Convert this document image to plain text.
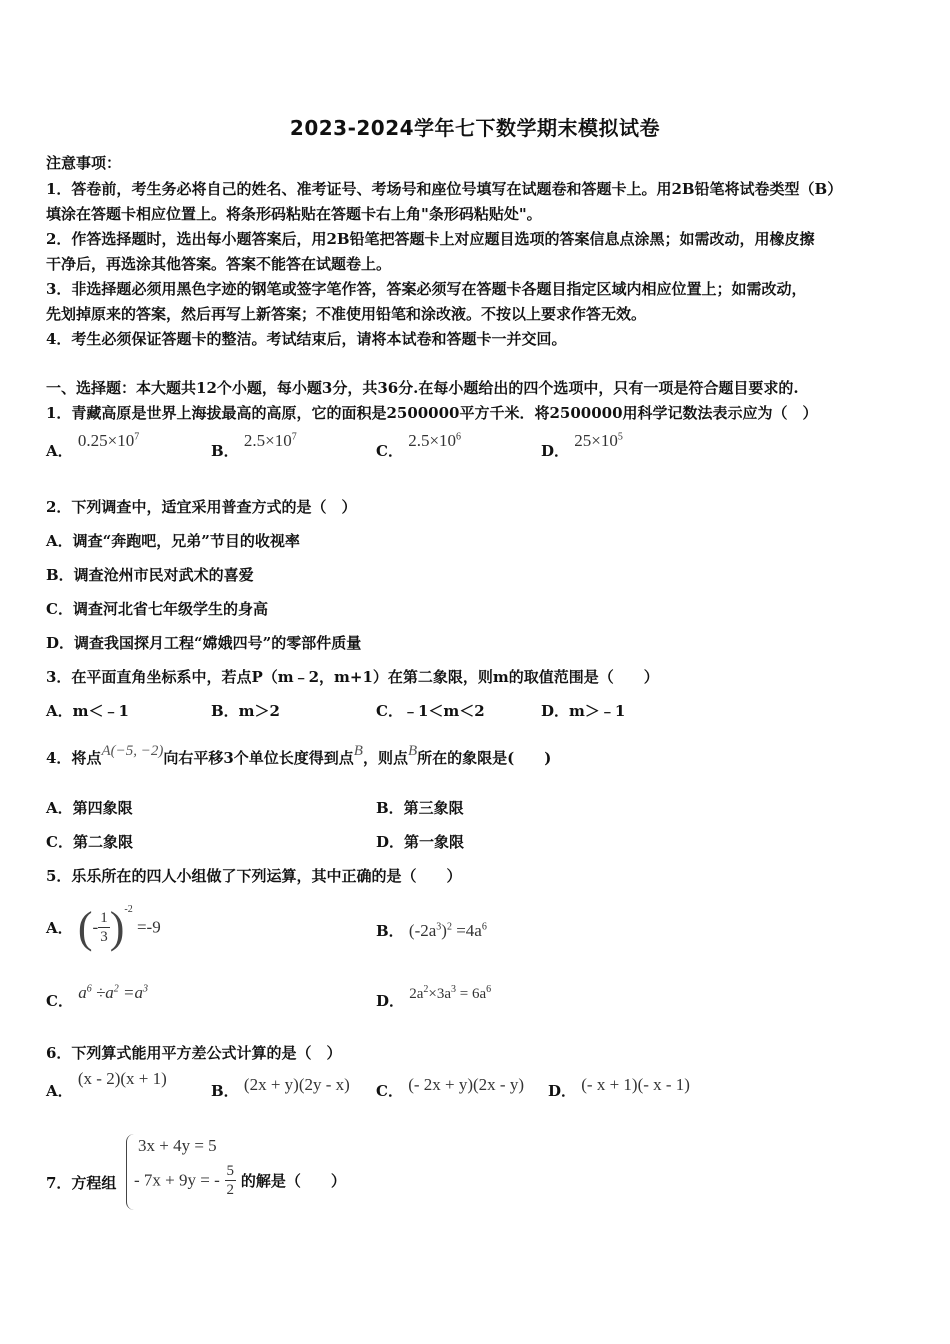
2023-2024学年七下数学期末模拟试卷
注意事项：
1．答卷前，考生务必将自己的姓名、准考证号、考场号和座位号填写在试题卷和答题卡上。用2B铅笔将试卷类型（B）
填涂在答题卡相应位置上。将条形码粘贴在答题卡右上角"条形码粘贴处"。
2．作答选择题时，选出每小题答案后，用2B铅笔把答题卡上对应题目选项的答案信息点涂黑；如需改动，用橡皮擦
干净后，再选涂其他答案。答案不能答在试题卷上。
3．非选择题必须用黑色字迹的钢笔或签字笔作答，答案必须写在答题卡各题目指定区域内相应位置上；如需改动，
先划掉原来的答案，然后再写上新答案；不准使用铅笔和涂改液。不按以上要求作答无效。
4．考生必须保证答题卡的整洁。考试结束后，请将本试卷和答题卡一并交回。
一、选择题：本大题共12个小题，每小题3分，共36分.在每小题给出的四个选项中，只有一项是符合题目要求的.
1．青藏高原是世界上海拔最高的高原，它的面积是2500000平方千米．将2500000用科学记数法表示应为（　）
A． $0.25\times 10^7$
B． $2.5\times 10^7$
C． $2.5\times 10^6$
D． $25\times 10^5$
2．下列调查中，适宜采用普查方式的是（　）
A．调查“奔跑吧，兄弟”节目的收视率
B．调查沧州市民对武术的喜爱
C．调查河北省七年级学生的身高
D．调查我国探月工程“嫦娥四号”的零部件质量
3．在平面直角坐标系中，若点P（m﹣2，m+1）在第二象限，则m的取值范围是（　　）
A．m＜﹣1	B．m＞2	C．﹣1＜m＜2	D．m＞﹣1
4．将点A(−5, −2)向右平移3个单位长度得到点B，则点B所在的象限是(　　)
A．第四象限	B．第三象限
C．第二象限	D．第一象限
5．乐乐所在的四人小组做了下列运算，其中正确的是（　　）
A． (- $\frac{1}{3} )^{-2} =-9$	B． $(-2a^3)^2 =4a^6$
C． $a^6 \div a^2 =a^3$
D． $2a^2\times 3a^3 = 6a^6$
6．下列算式能用平方差公式计算的是（　）
A． (x - 2)(x + 1)
B． (2x + y)(2y - x) C． (- 2x + y)(2x - y) D． (- x + 1)(- x - 1)
7．方程组
3x + 4y = 5
- 7x + 9y = - $\frac{5}{2}$ 的解是（　　）
